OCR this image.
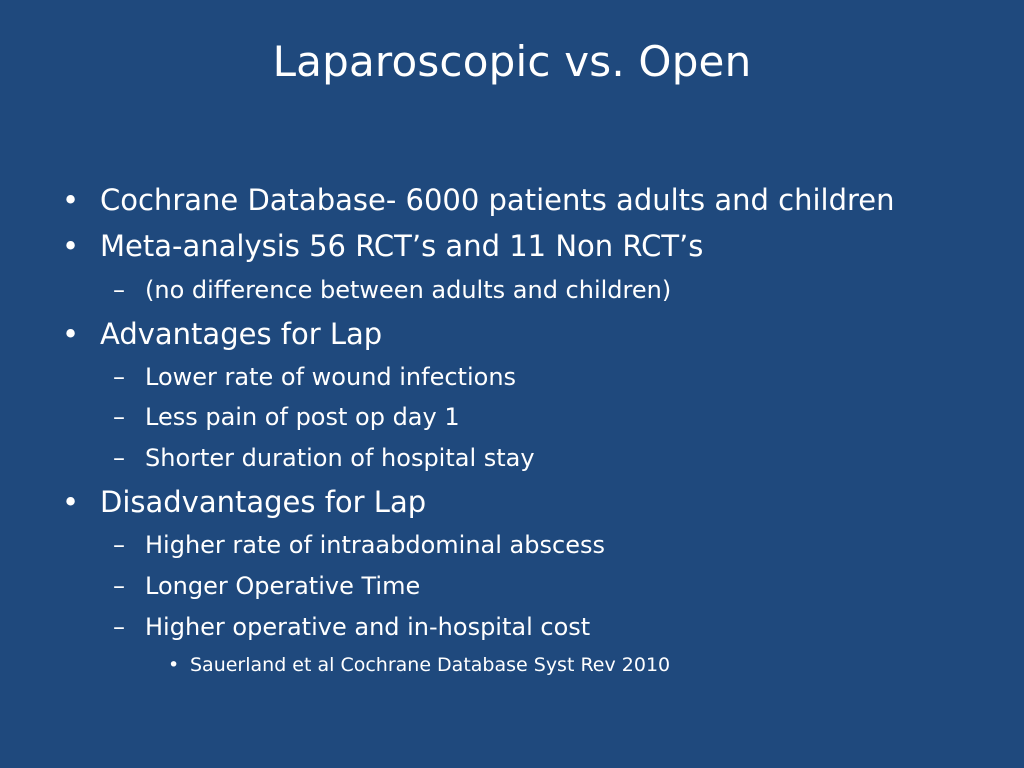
Laparoscopic vs. Open
• Cochrane Database- 6000 patients adults and children
• Meta-analysis 56 RCT’s and 11 Non RCT’s
– (no difference between adults and children)
• Advantages for Lap
– Lower rate of wound infections
– Less pain of post op day 1
– Shorter duration of hospital stay
• Disadvantages for Lap
– Higher rate of intraabdominal abscess
– Longer Operative Time
– Higher operative and in-hospital cost
• Sauerland et al Cochrane Database Syst Rev 2010
